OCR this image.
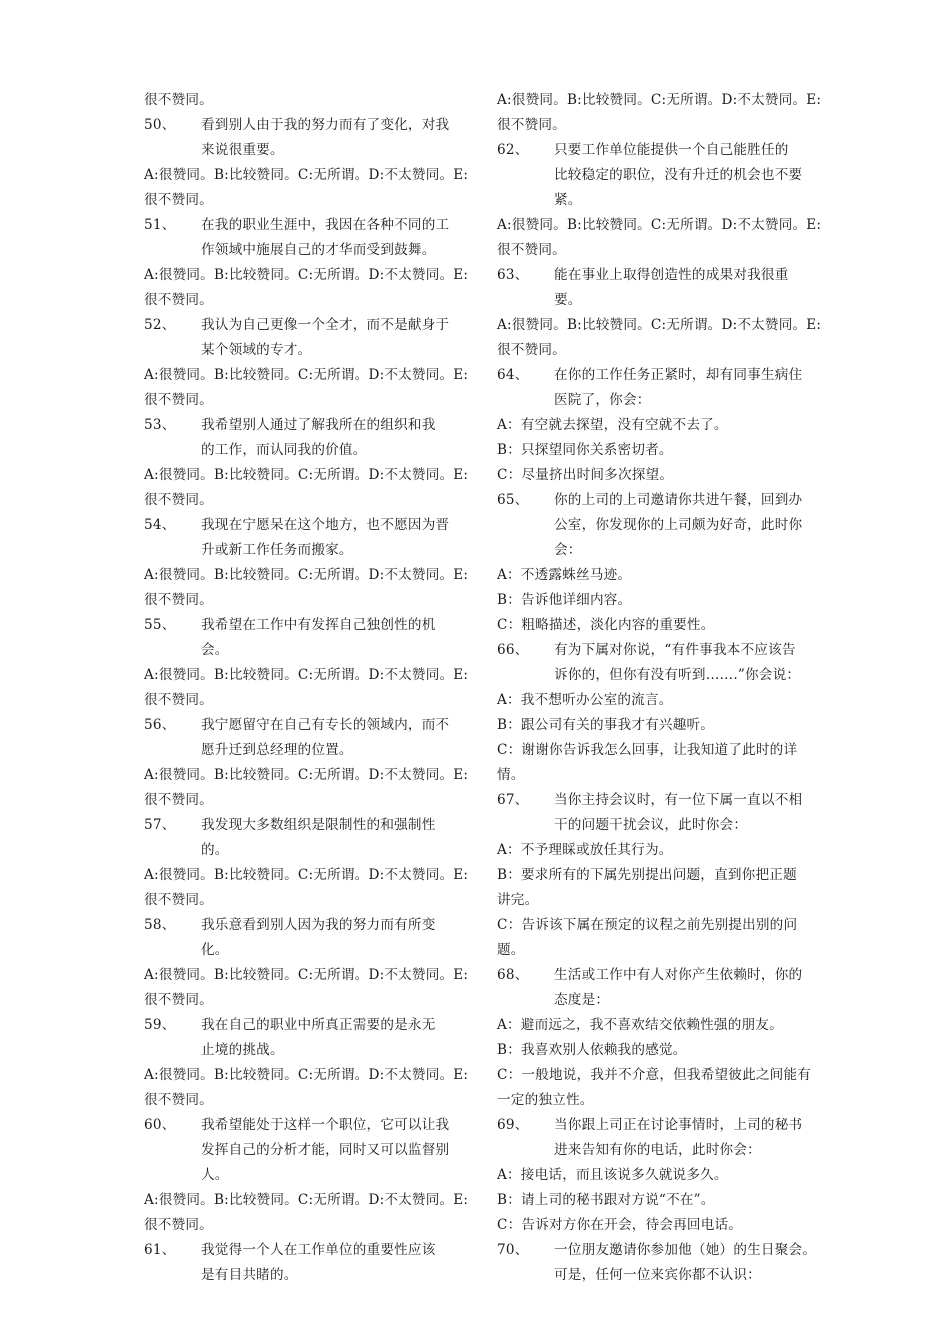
很不赞同。
50、	看到别人由于我的努力而有了变化，对我
来说很重要。
A:很赞同。B:比较赞同。C:无所谓。D:不太赞同。E:
很不赞同。
51、	在我的职业生涯中，我因在各种不同的工
作领域中施展自己的才华而受到鼓舞。
A:很赞同。B:比较赞同。C:无所谓。D:不太赞同。E:
很不赞同。
52、	我认为自己更像一个全才，而不是献身于
某个领域的专才。
A:很赞同。B:比较赞同。C:无所谓。D:不太赞同。E:
很不赞同。
53、	我希望别人通过了解我所在的组织和我
的工作，而认同我的价值。
A:很赞同。B:比较赞同。C:无所谓。D:不太赞同。E:
很不赞同。
54、	我现在宁愿呆在这个地方，也不愿因为晋
升或新工作任务而搬家。
A:很赞同。B:比较赞同。C:无所谓。D:不太赞同。E:
很不赞同。
55、	我希望在工作中有发挥自己独创性的机
会。
A:很赞同。B:比较赞同。C:无所谓。D:不太赞同。E:
很不赞同。
56、	我宁愿留守在自己有专长的领域内，而不
愿升迁到总经理的位置。
A:很赞同。B:比较赞同。C:无所谓。D:不太赞同。E:
很不赞同。
57、	我发现大多数组织是限制性的和强制性
的。
A:很赞同。B:比较赞同。C:无所谓。D:不太赞同。E:
很不赞同。
58、	我乐意看到别人因为我的努力而有所变
化。
A:很赞同。B:比较赞同。C:无所谓。D:不太赞同。E:
很不赞同。
59、	我在自己的职业中所真正需要的是永无
止境的挑战。
A:很赞同。B:比较赞同。C:无所谓。D:不太赞同。E:
很不赞同。
60、	我希望能处于这样一个职位，它可以让我
发挥自己的分析才能，同时又可以监督别
人。
A:很赞同。B:比较赞同。C:无所谓。D:不太赞同。E:
很不赞同。
61、	我觉得一个人在工作单位的重要性应该
是有目共睹的。
A:很赞同。B:比较赞同。C:无所谓。D:不太赞同。E:
很不赞同。
62、	只要工作单位能提供一个自己能胜任的
比较稳定的职位，没有升迁的机会也不要
紧。
A:很赞同。B:比较赞同。C:无所谓。D:不太赞同。E:
很不赞同。
63、	能在事业上取得创造性的成果对我很重
要。
A:很赞同。B:比较赞同。C:无所谓。D:不太赞同。E:
很不赞同。
64、	在你的工作任务正紧时，却有同事生病住
医院了，你会：
A：有空就去探望，没有空就不去了。
B：只探望同你关系密切者。
C：尽量挤出时间多次探望。
65、	你的上司的上司邀请你共进午餐，回到办
公室，你发现你的上司颇为好奇，此时你
会：
A：不透露蛛丝马迹。
B：告诉他详细内容。
C：粗略描述，淡化内容的重要性。
66、	有为下属对你说，“有件事我本不应该告
诉你的，但你有没有听到…….”你会说：
A：我不想听办公室的流言。
B：跟公司有关的事我才有兴趣听。
C：谢谢你告诉我怎么回事，让我知道了此时的详
情。
67、	当你主持会议时，有一位下属一直以不相
干的问题干扰会议，此时你会：
A：不予理睬或放任其行为。
B：要求所有的下属先别提出问题，直到你把正题
讲完。
C：告诉该下属在预定的议程之前先别提出别的问
题。
68、	生活或工作中有人对你产生依赖时，你的
态度是：
A：避而远之，我不喜欢结交依赖性强的朋友。
B：我喜欢别人依赖我的感觉。
C：一般地说，我并不介意，但我希望彼此之间能有
一定的独立性。
69、	当你跟上司正在讨论事情时，上司的秘书
进来告知有你的电话，此时你会：
A：接电话，而且该说多久就说多久。
B：请上司的秘书跟对方说“不在”。
C：告诉对方你在开会，待会再回电话。
70、	一位朋友邀请你参加他（她）的生日聚会。
可是，任何一位来宾你都不认识：
